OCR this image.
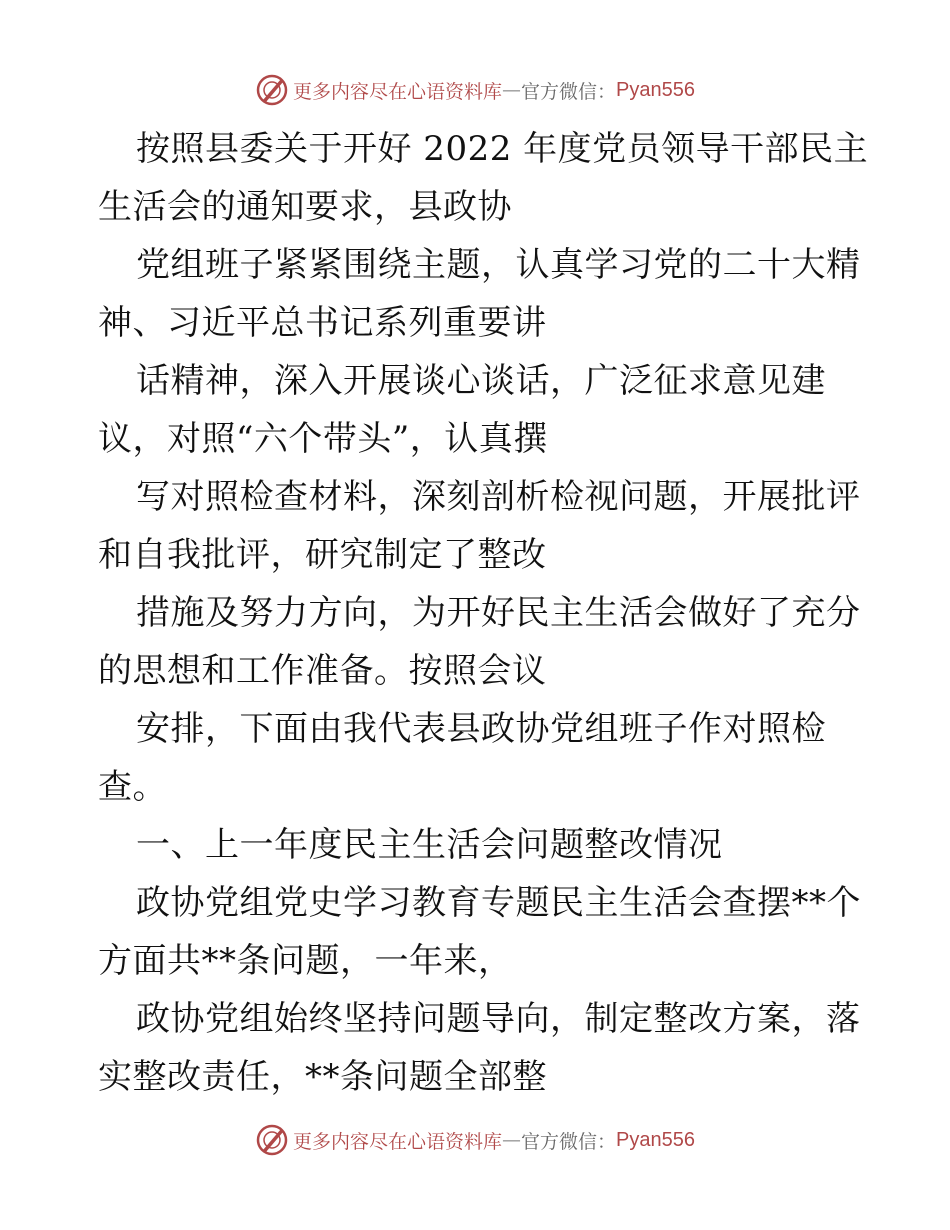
更多内容尽在心语资料库 — 官方微信： Pyan556
按照县委关于开好 2022 年度党员领导干部民主
生活会的通知要求，县政协
党组班子紧紧围绕主题，认真学习党的二十大精
神、习近平总书记系列重要讲
话精神，深入开展谈心谈话，广泛征求意见建
议，对照“六个带头”，认真撰
写对照检查材料，深刻剖析检视问题，开展批评
和自我批评，研究制定了整改
措施及努力方向，为开好民主生活会做好了充分
的思想和工作准备。按照会议
安排，下面由我代表县政协党组班子作对照检
查。
一、上一年度民主生活会问题整改情况
政协党组党史学习教育专题民主生活会查摆**个
方面共**条问题，一年来，
政协党组始终坚持问题导向，制定整改方案，落
实整改责任，**条问题全部整
更多内容尽在心语资料库 — 官方微信： Pyan556
